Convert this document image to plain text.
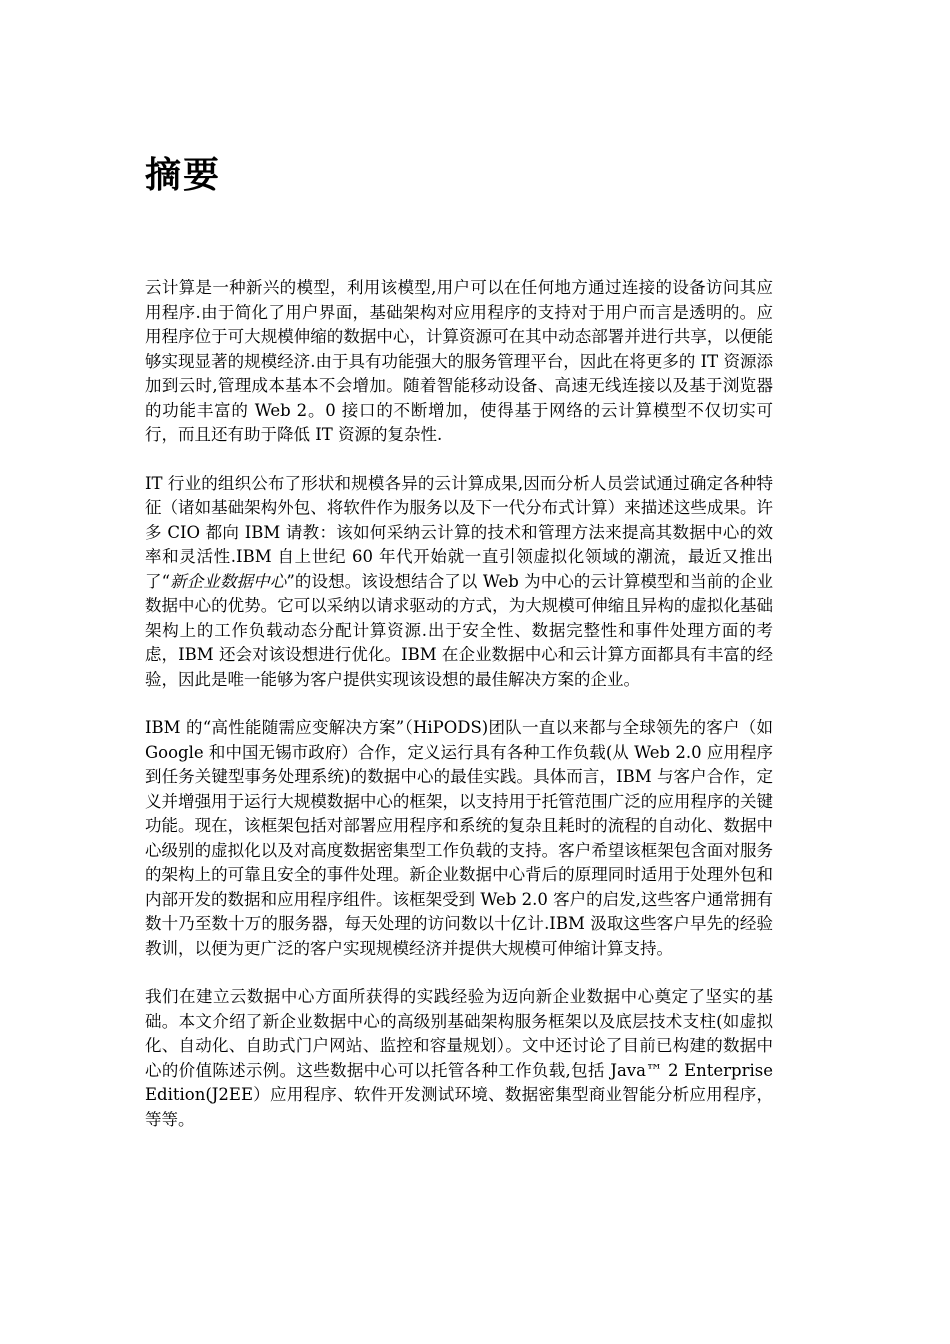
摘要

云计算是一种新兴的模型，利用该模型,用户可以在任何地方通过连接的设备访问其应用程序.由于简化了用户界面，基础架构对应用程序的支持对于用户而言是透明的。应用程序位于可大规模伸缩的数据中心，计算资源可在其中动态部署并进行共享，以便能够实现显著的规模经济.由于具有功能强大的服务管理平台，因此在将更多的 IT 资源添加到云时,管理成本基本不会增加。随着智能移动设备、高速无线连接以及基于浏览器的功能丰富的 Web 2。0 接口的不断增加，使得基于网络的云计算模型不仅切实可行，而且还有助于降低 IT 资源的复杂性.

IT 行业的组织公布了形状和规模各异的云计算成果,因而分析人员尝试通过确定各种特征（诸如基础架构外包、将软件作为服务以及下一代分布式计算）来描述这些成果。许多 CIO 都向 IBM 请教：该如何采纳云计算的技术和管理方法来提高其数据中心的效率和灵活性.IBM 自上世纪 60 年代开始就一直引领虚拟化领域的潮流，最近又推出了“新企业数据中心”的设想。该设想结合了以 Web 为中心的云计算模型和当前的企业数据中心的优势。它可以采纳以请求驱动的方式，为大规模可伸缩且异构的虚拟化基础架构上的工作负载动态分配计算资源.出于安全性、数据完整性和事件处理方面的考虑，IBM 还会对该设想进行优化。IBM 在企业数据中心和云计算方面都具有丰富的经验，因此是唯一能够为客户提供实现该设想的最佳解决方案的企业。

IBM 的“高性能随需应变解决方案”（HiPODS)团队一直以来都与全球领先的客户（如 Google 和中国无锡市政府）合作，定义运行具有各种工作负载(从 Web 2.0 应用程序到任务关键型事务处理系统)的数据中心的最佳实践。具体而言，IBM 与客户合作，定义并增强用于运行大规模数据中心的框架，以支持用于托管范围广泛的应用程序的关键功能。现在，该框架包括对部署应用程序和系统的复杂且耗时的流程的自动化、数据中心级别的虚拟化以及对高度数据密集型工作负载的支持。客户希望该框架包含面对服务的架构上的可靠且安全的事件处理。新企业数据中心背后的原理同时适用于处理外包和内部开发的数据和应用程序组件。该框架受到 Web 2.0 客户的启发,这些客户通常拥有数十乃至数十万的服务器，每天处理的访问数以十亿计.IBM 汲取这些客户早先的经验教训，以便为更广泛的客户实现规模经济并提供大规模可伸缩计算支持。

我们在建立云数据中心方面所获得的实践经验为迈向新企业数据中心奠定了坚实的基础。本文介绍了新企业数据中心的高级别基础架构服务框架以及底层技术支柱(如虚拟化、自动化、自助式门户网站、监控和容量规划）。文中还讨论了目前已构建的数据中心的价值陈述示例。这些数据中心可以托管各种工作负载,包括 Java™ 2 Enterprise Edition(J2EE）应用程序、软件开发测试环境、数据密集型商业智能分析应用程序，等等。
